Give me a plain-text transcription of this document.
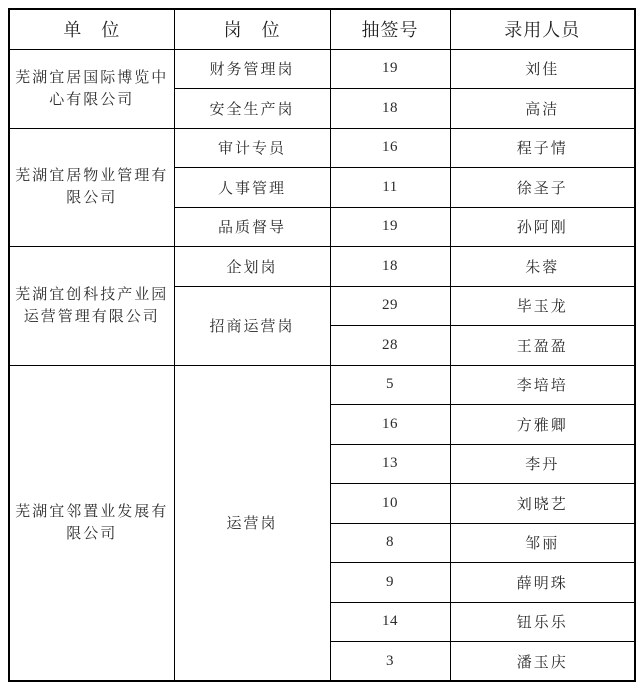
单　位	岗　位	抽签号	录用人员
芜湖宜居国际博览中心有限公司	财务管理岗	19	刘佳
	安全生产岗	18	高洁
芜湖宜居物业管理有限公司	审计专员	16	程子情
	人事管理	11	徐圣子
	品质督导	19	孙阿刚
芜湖宜创科技产业园运营管理有限公司	企划岗	18	朱蓉
	招商运营岗	29	毕玉龙
		28	王盈盈
芜湖宜邻置业发展有限公司	运营岗	5	李培培
		16	方雅卿
		13	李丹
		10	刘晓艺
		8	邹丽
		9	薛明珠
		14	钮乐乐
		3	潘玉庆
